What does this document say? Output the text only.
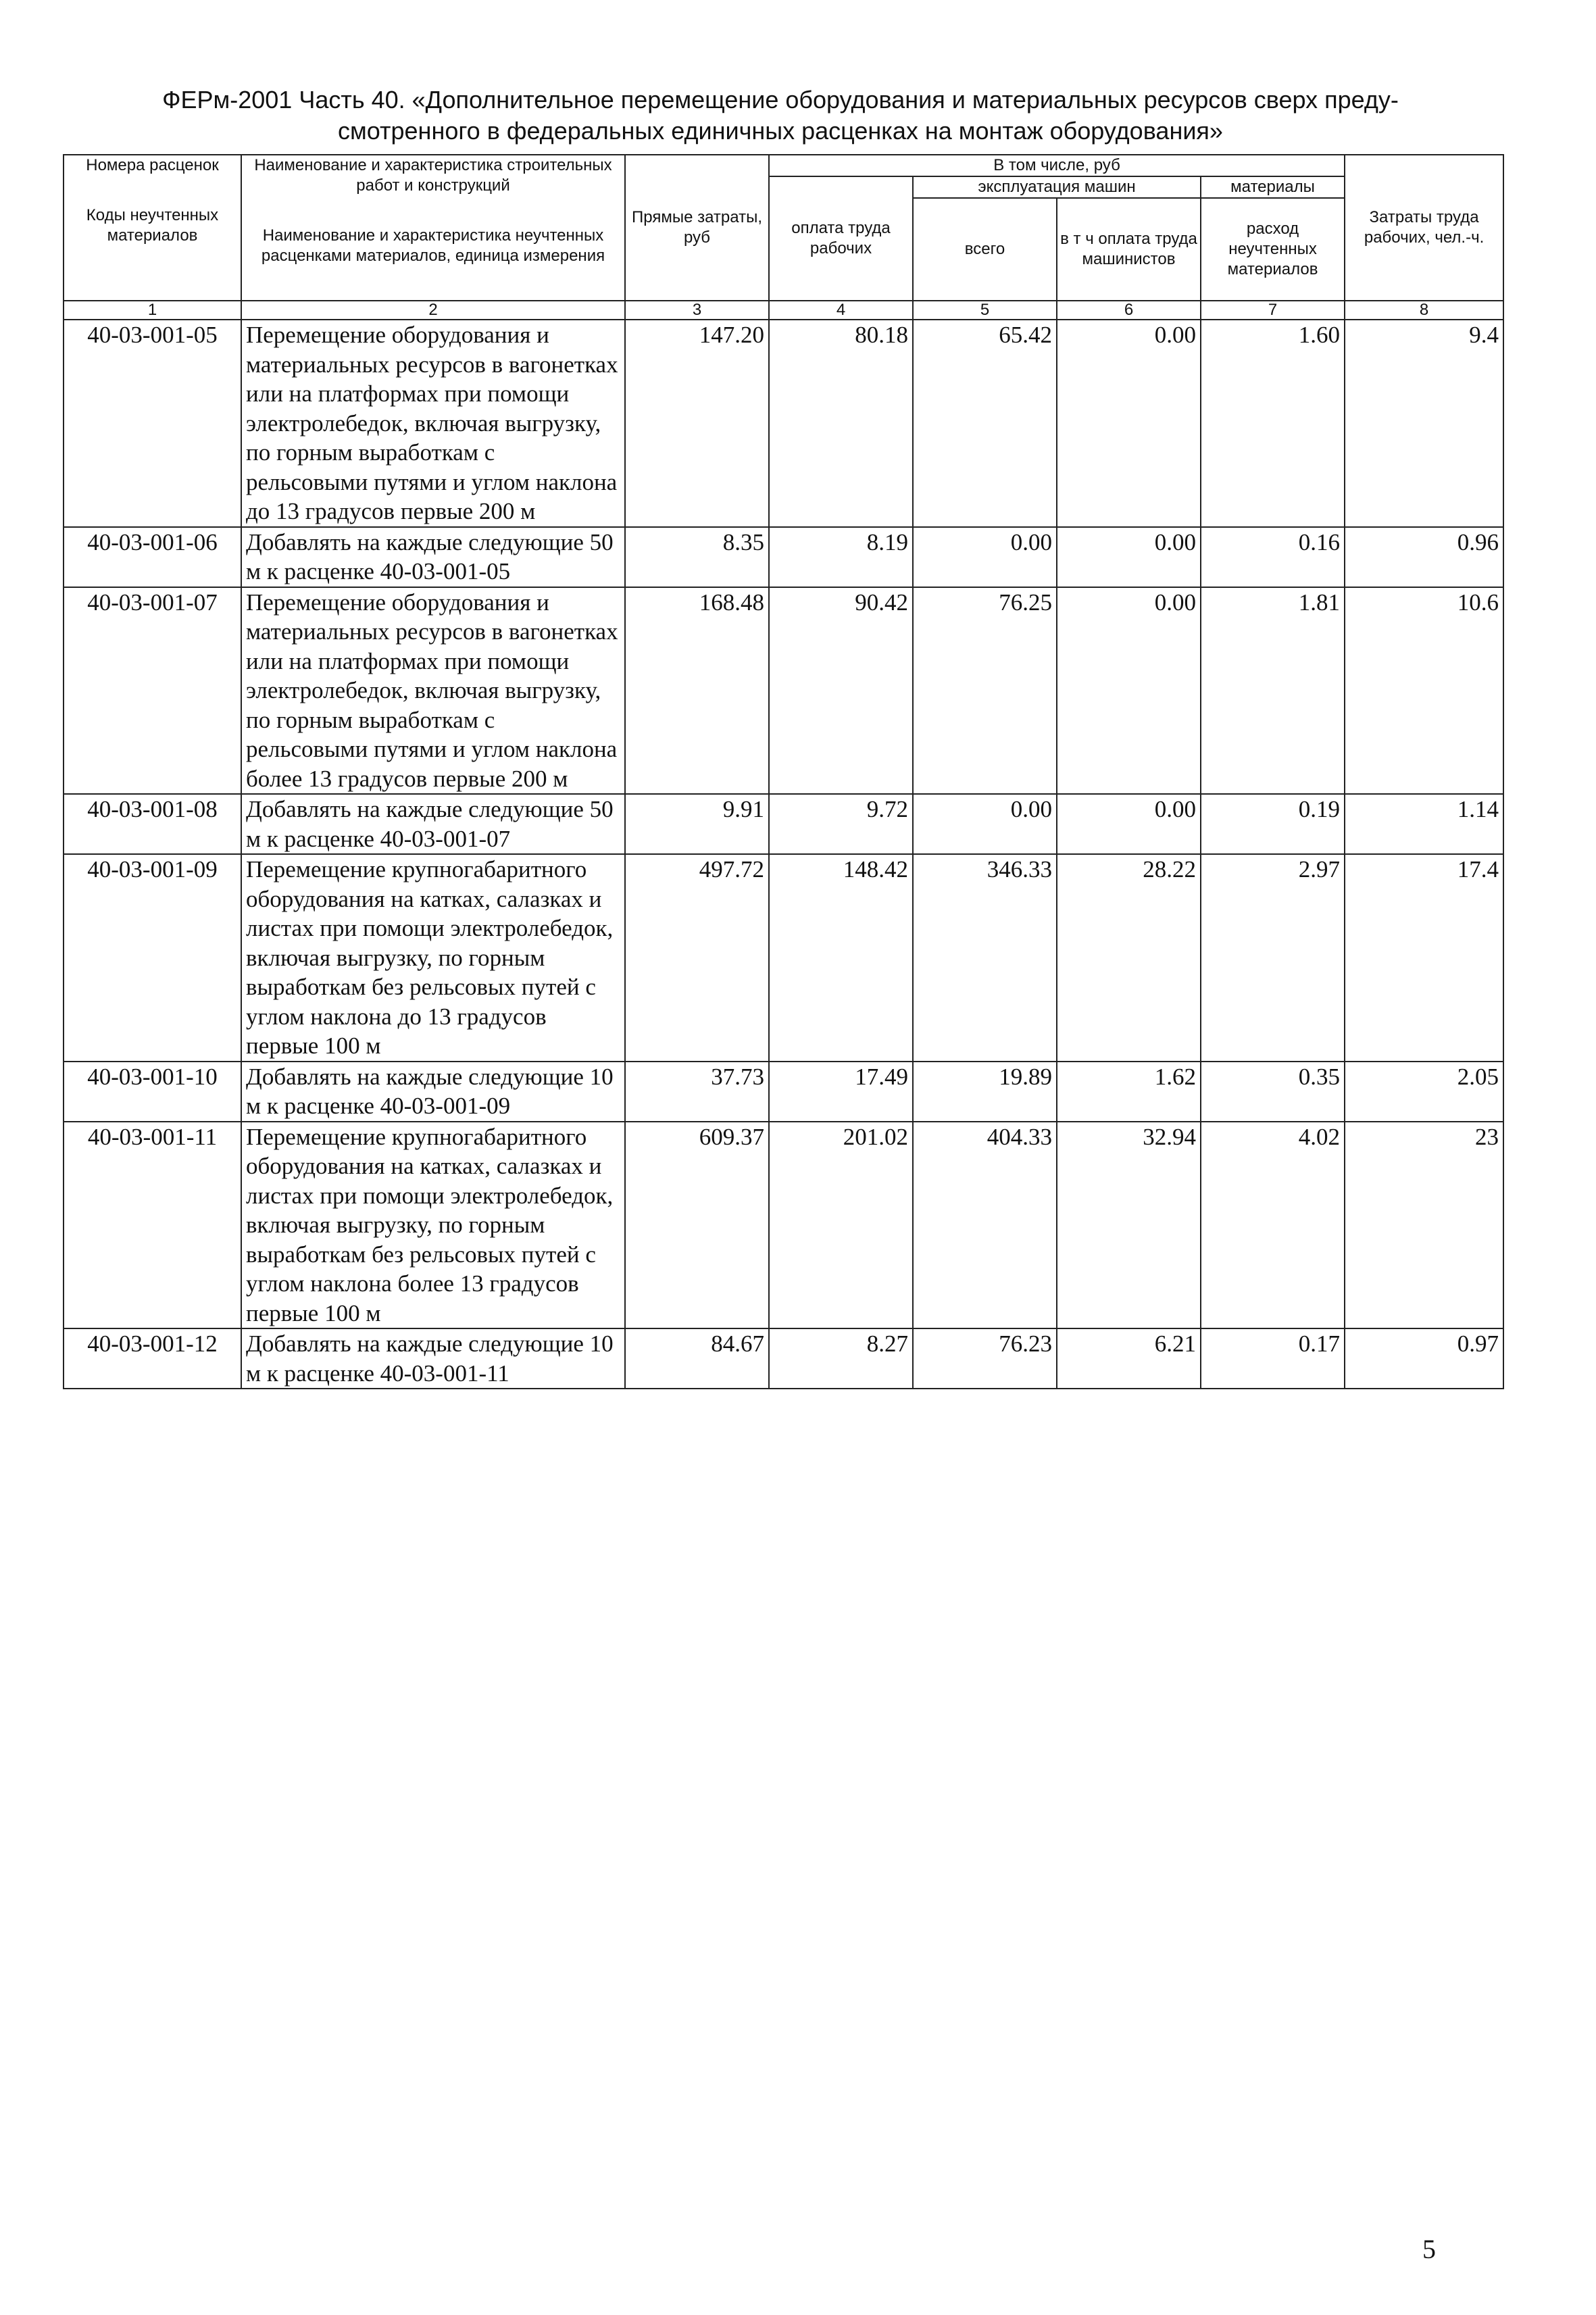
ФЕРм-2001 Часть 40. «Дополнительное перемещение оборудования и материальных ресурсов сверх преду-
смотренного в федеральных единичных расценках на монтаж оборудования»
Номера расценок
Коды неучтенных материалов	Наименование и характеристика строительных работ и конструкций
Наименование и характеристика неучтенных расценками материалов, единица измерения	Прямые затраты, руб	В том числе, руб				Затраты труда рабочих, чел.-ч.
			оплата труда рабочих	эксплуатация машин		материалы	
				всего	в т ч оплата труда машинистов	расход неучтенных материалов	
1	2	3	4	5	6	7	8
40-03-001-05	Перемещение оборудования и материальных ресурсов в вагонетках или на платформах при помощи электролебедок, включая выгрузку, по горным выработкам с рельсовыми путями и углом наклона до 13 градусов первые 200 м	147.20	80.18	65.42	0.00	1.60	9.4
40-03-001-06	Добавлять на каждые следующие 50 м к расценке 40-03-001-05	8.35	8.19	0.00	0.00	0.16	0.96
40-03-001-07	Перемещение оборудования и материальных ресурсов в вагонетках или на платформах при помощи электролебедок, включая выгрузку, по горным выработкам с рельсовыми путями и углом наклона более 13 градусов первые 200 м	168.48	90.42	76.25	0.00	1.81	10.6
40-03-001-08	Добавлять на каждые следующие 50 м к расценке 40-03-001-07	9.91	9.72	0.00	0.00	0.19	1.14
40-03-001-09	Перемещение крупногабаритного оборудования на катках, салазках и листах при помощи электролебедок, включая выгрузку, по горным выработкам без рельсовых путей с углом наклона до 13 градусов первые 100 м	497.72	148.42	346.33	28.22	2.97	17.4
40-03-001-10	Добавлять на каждые следующие 10 м к расценке 40-03-001-09	37.73	17.49	19.89	1.62	0.35	2.05
40-03-001-11	Перемещение крупногабаритного оборудования на катках, салазках и листах при помощи электролебедок, включая выгрузку, по горным выработкам без рельсовых путей с углом наклона более 13 градусов первые 100 м	609.37	201.02	404.33	32.94	4.02	23
40-03-001-12	Добавлять на каждые следующие 10 м к расценке 40-03-001-11	84.67	8.27	76.23	6.21	0.17	0.97
5
